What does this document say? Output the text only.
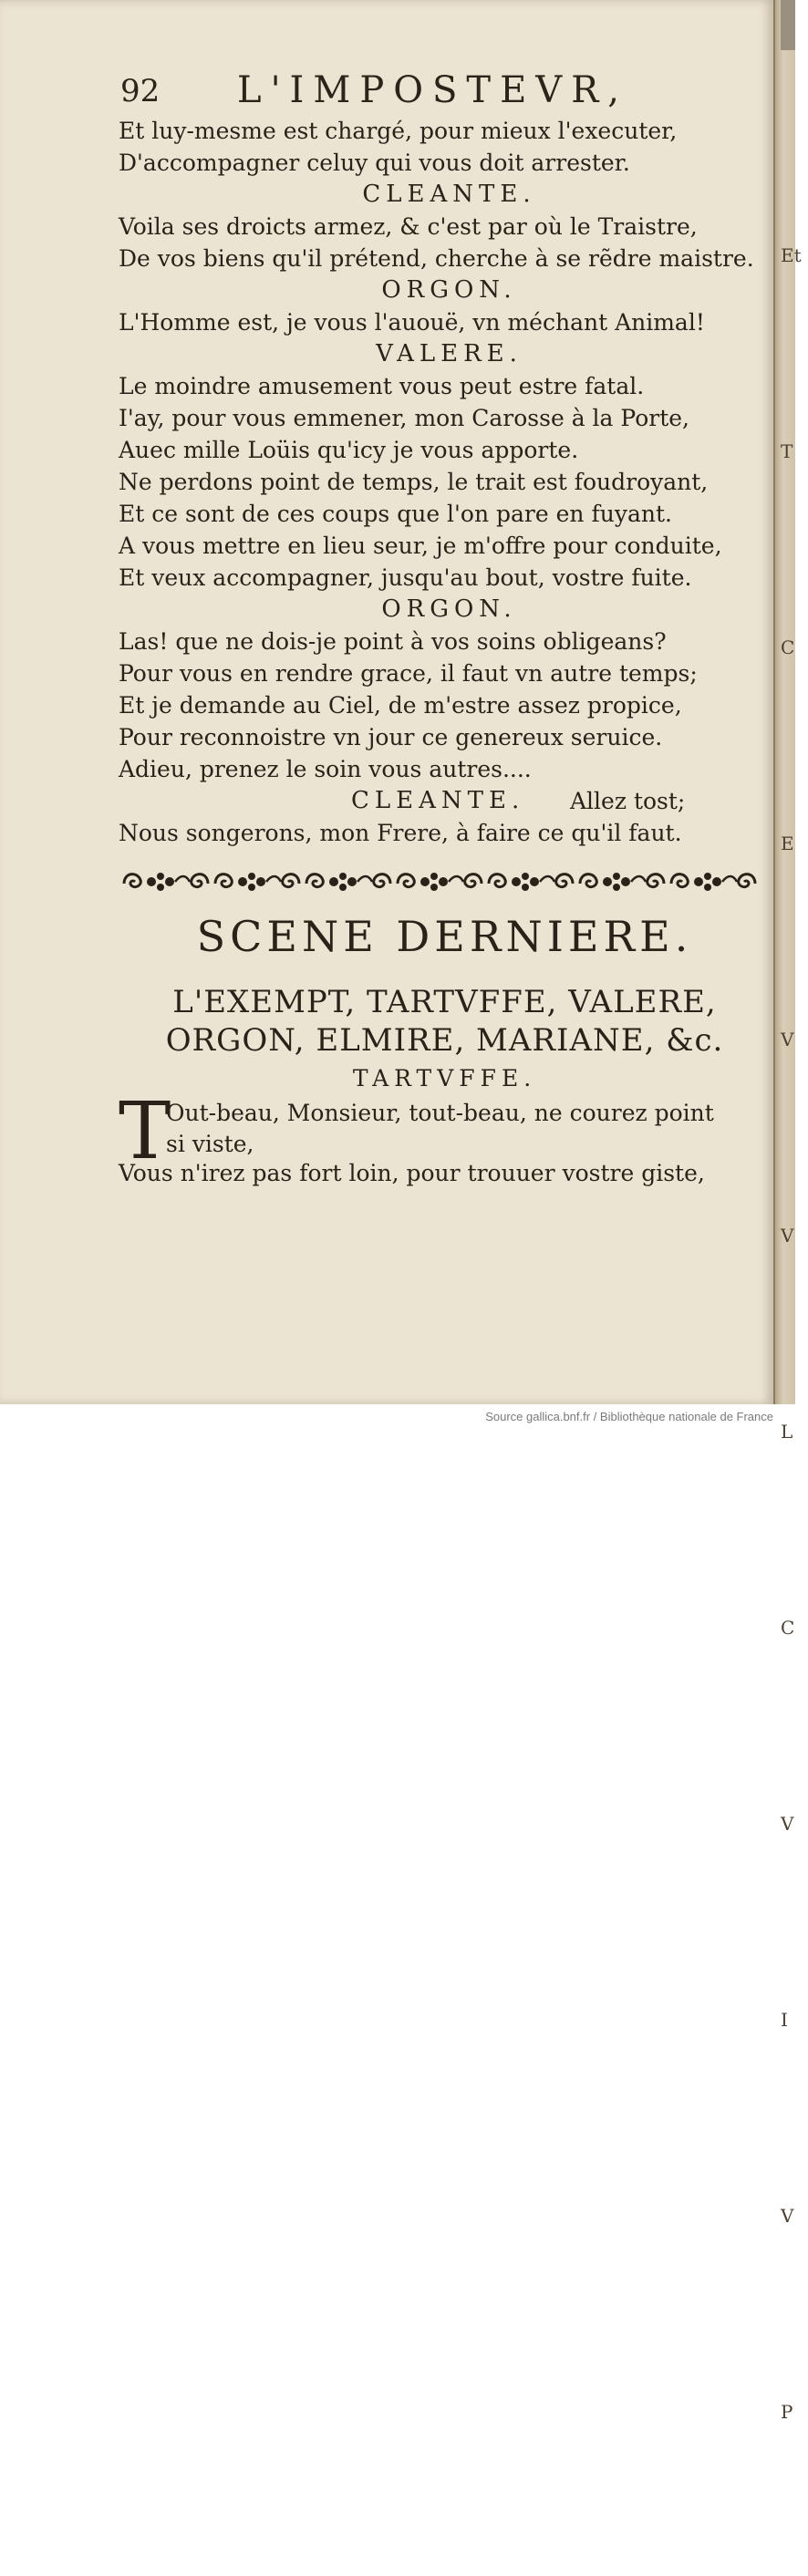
92 L'IMPOSTEVR,
Et luy-mesme est chargé, pour mieux l'executer,
D'accompagner celuy qui vous doit arrester.
CLEANTE.
Voila ses droicts armez, & c'est par où le Traistre,
De vos biens qu'il prétend, cherche à se rẽdre maistre.
ORGON.
L'Homme est, je vous l'auouë, vn méchant Animal!
VALERE.
Le moindre amusement vous peut estre fatal.
I'ay, pour vous emmener, mon Carosse à la Porte,
Auec mille Loüis qu'icy je vous apporte.
Ne perdons point de temps, le trait est foudroyant,
Et ce sont de ces coups que l'on pare en fuyant.
A vous mettre en lieu seur, je m'offre pour conduite,
Et veux accompagner, jusqu'au bout, vostre fuite.
ORGON.
Las! que ne dois-je point à vos soins obligeans?
Pour vous en rendre grace, il faut vn autre temps;
Et je demande au Ciel, de m'estre assez propice,
Pour reconnoistre vn jour ce genereux seruice.
Adieu, prenez le soin vous autres....
CLEANTE. Allez tost;
Nous songerons, mon Frere, à faire ce qu'il faut.
SCENE DERNIERE.
L'EXEMPT, TARTVFFE, VALERE,
ORGON, ELMIRE, MARIANE, &c.
TARTVFFE.
T
Out-beau, Monsieur, tout-beau, ne courez point
si viste,
Vous n'irez pas fort loin, pour trouuer vostre giste,

Et

T

C

E

V

V

L

C

V

I

V

P

Source gallica.bnf.fr / Bibliothèque nationale de France
